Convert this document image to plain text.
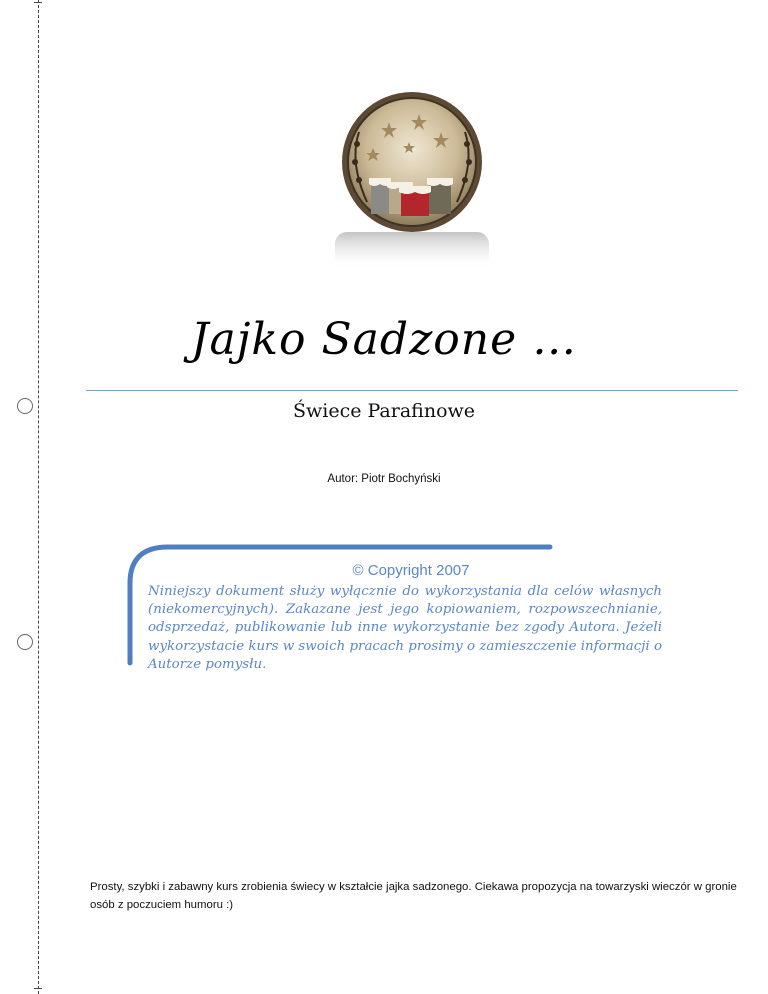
Jajko Sadzone …
Świece Parafinowe
Autor: Piotr Bochyński
© Copyright 2007
Niniejszy dokument służy wyłącznie do wykorzystania dla celów własnych (niekomercyjnych). Zakazane jest jego kopiowaniem, rozpowszechnianie, odsprzedaż, publikowanie lub inne wykorzystanie bez zgody Autora. Jeżeli wykorzystacie kurs w swoich pracach prosimy o zamieszczenie informacji o Autorze pomysłu.
Prosty, szybki i zabawny kurs zrobienia świecy w kształcie jajka sadzonego. Ciekawa propozycja na towarzyski wieczór w gronie osób z poczuciem humoru :)
